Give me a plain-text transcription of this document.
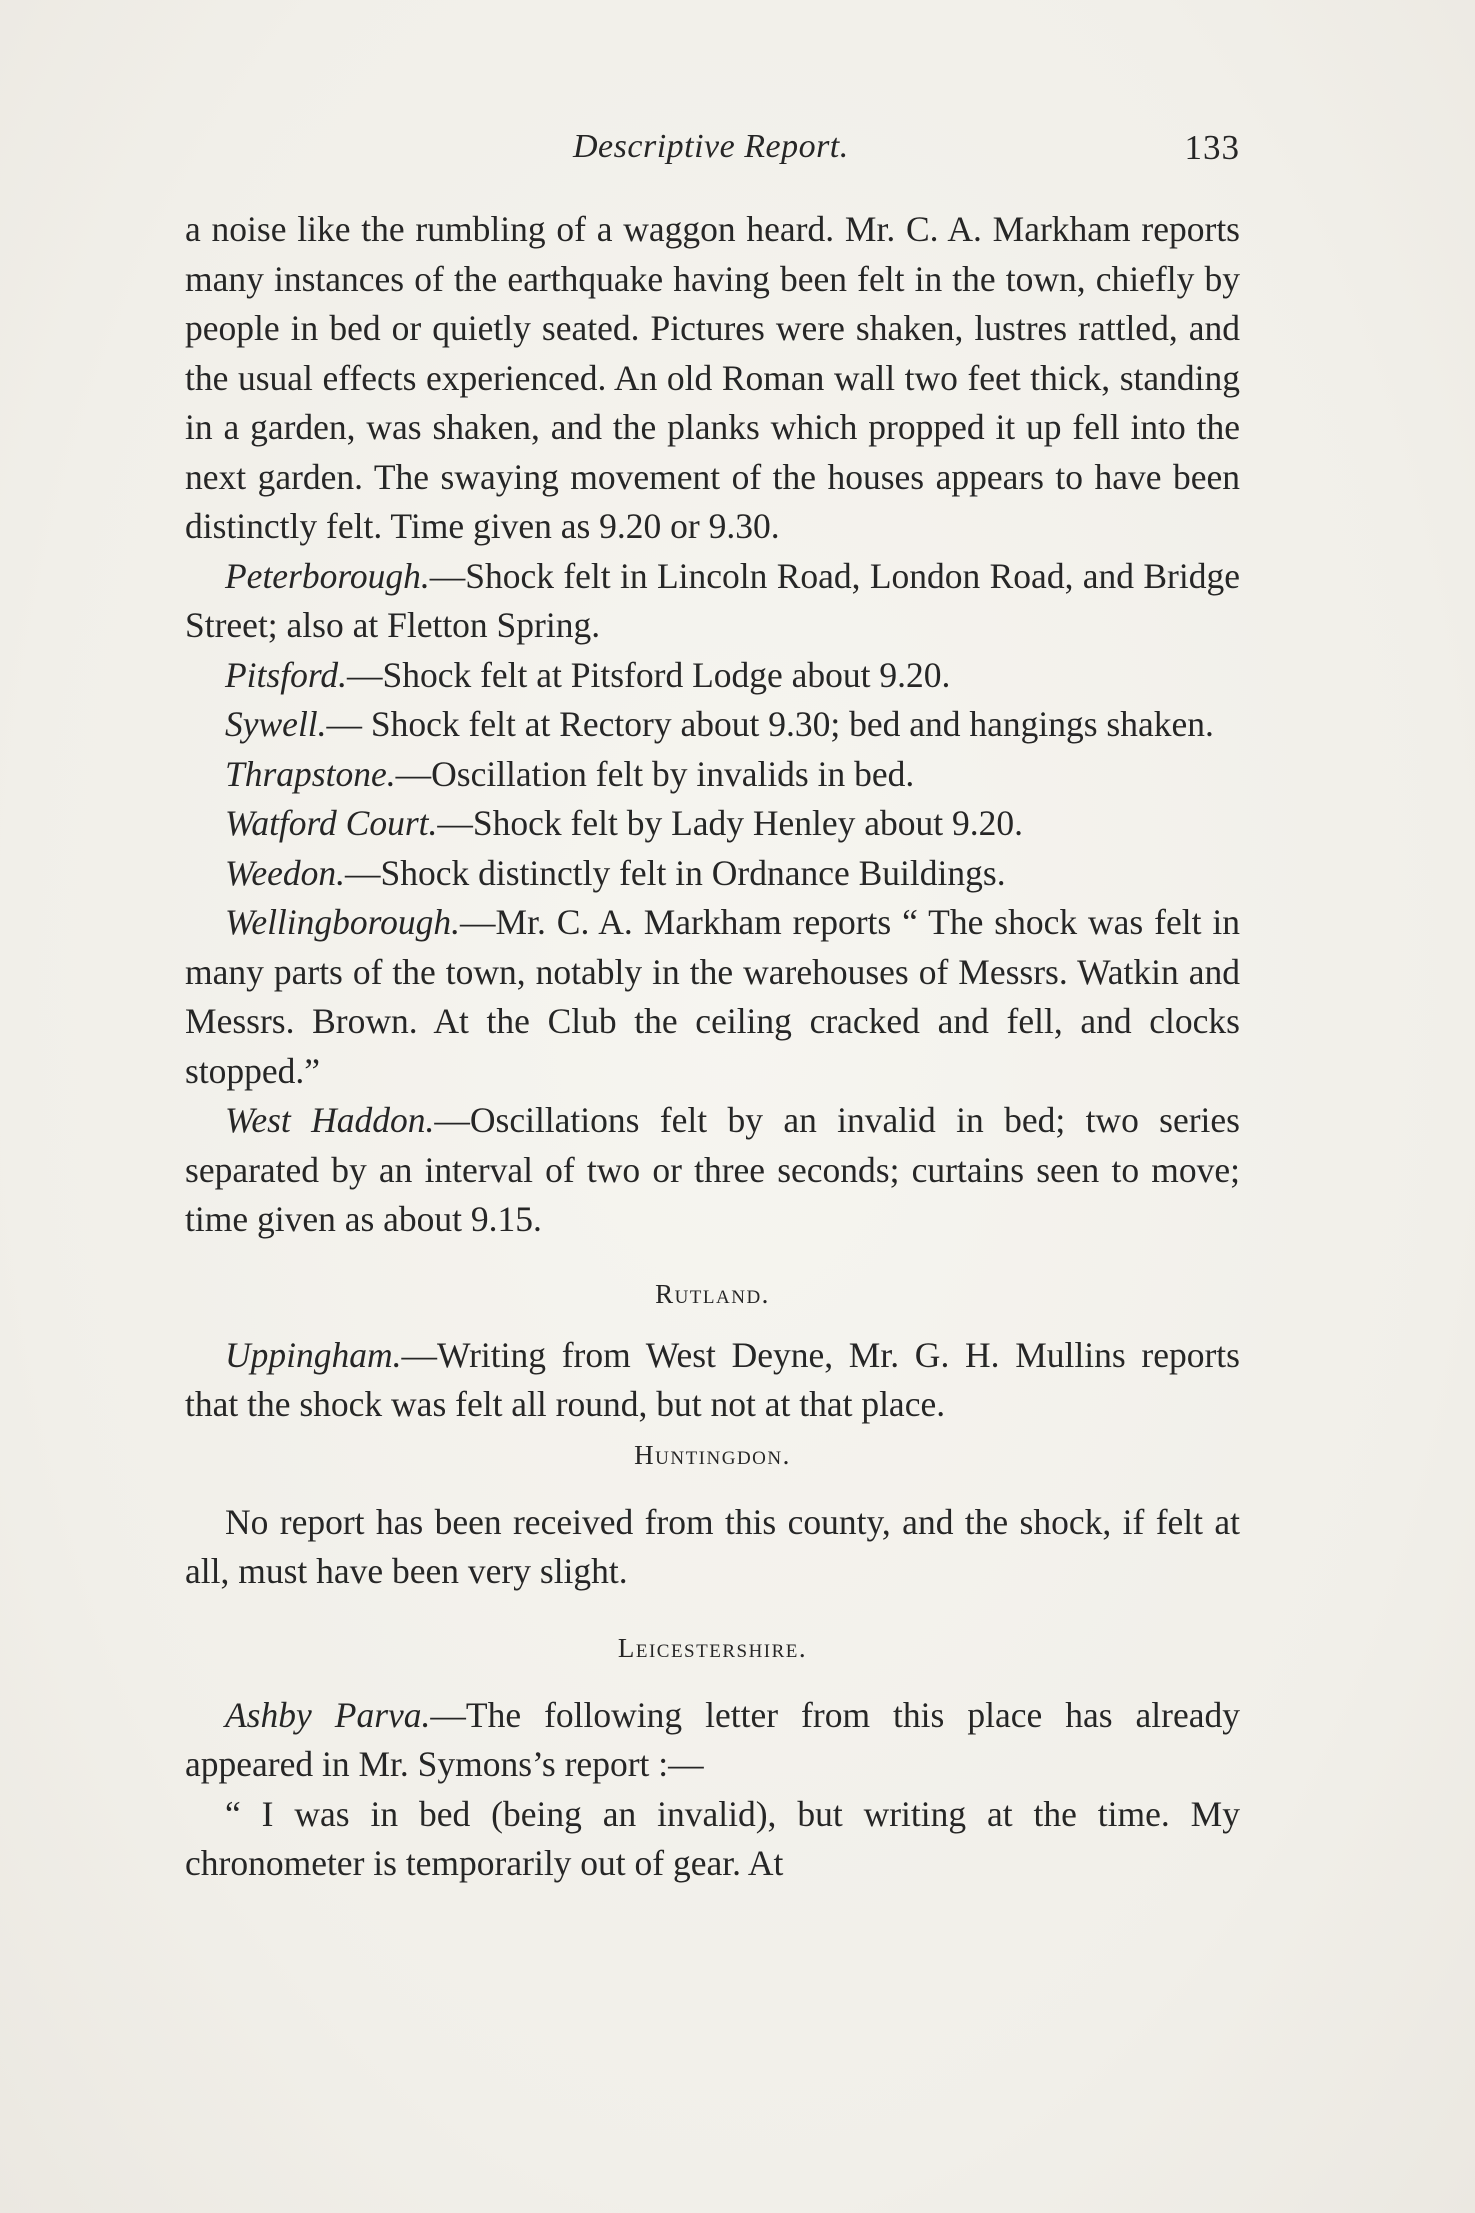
Descriptive Report.	133

a noise like the rumbling of a waggon heard. Mr. C. A. Markham reports many instances of the earthquake having been felt in the town, chiefly by people in bed or quietly seated. Pictures were shaken, lustres rattled, and the usual effects experienced. An old Roman wall two feet thick, standing in a garden, was shaken, and the planks which propped it up fell into the next garden. The swaying movement of the houses appears to have been distinctly felt. Time given as 9.20 or 9.30.

Peterborough.—Shock felt in Lincoln Road, London Road, and Bridge Street; also at Fletton Spring.

Pitsford.—Shock felt at Pitsford Lodge about 9.20.

Sywell.— Shock felt at Rectory about 9.30; bed and hangings shaken.

Thrapstone.—Oscillation felt by invalids in bed.

Watford Court.—Shock felt by Lady Henley about 9.20.

Weedon.—Shock distinctly felt in Ordnance Buildings.

Wellingborough.—Mr. C. A. Markham reports “ The shock was felt in many parts of the town, notably in the warehouses of Messrs. Watkin and Messrs. Brown. At the Club the ceiling cracked and fell, and clocks stopped.”

West Haddon.—Oscillations felt by an invalid in bed; two series separated by an interval of two or three seconds; curtains seen to move; time given as about 9.15.

Rutland.

Uppingham.—Writing from West Deyne, Mr. G. H. Mullins reports that the shock was felt all round, but not at that place.

Huntingdon.

No report has been received from this county, and the shock, if felt at all, must have been very slight.

Leicestershire.

Ashby Parva.—The following letter from this place has already appeared in Mr. Symons’s report :—

“ I was in bed (being an invalid), but writing at the time. My chronometer is temporarily out of gear. At
